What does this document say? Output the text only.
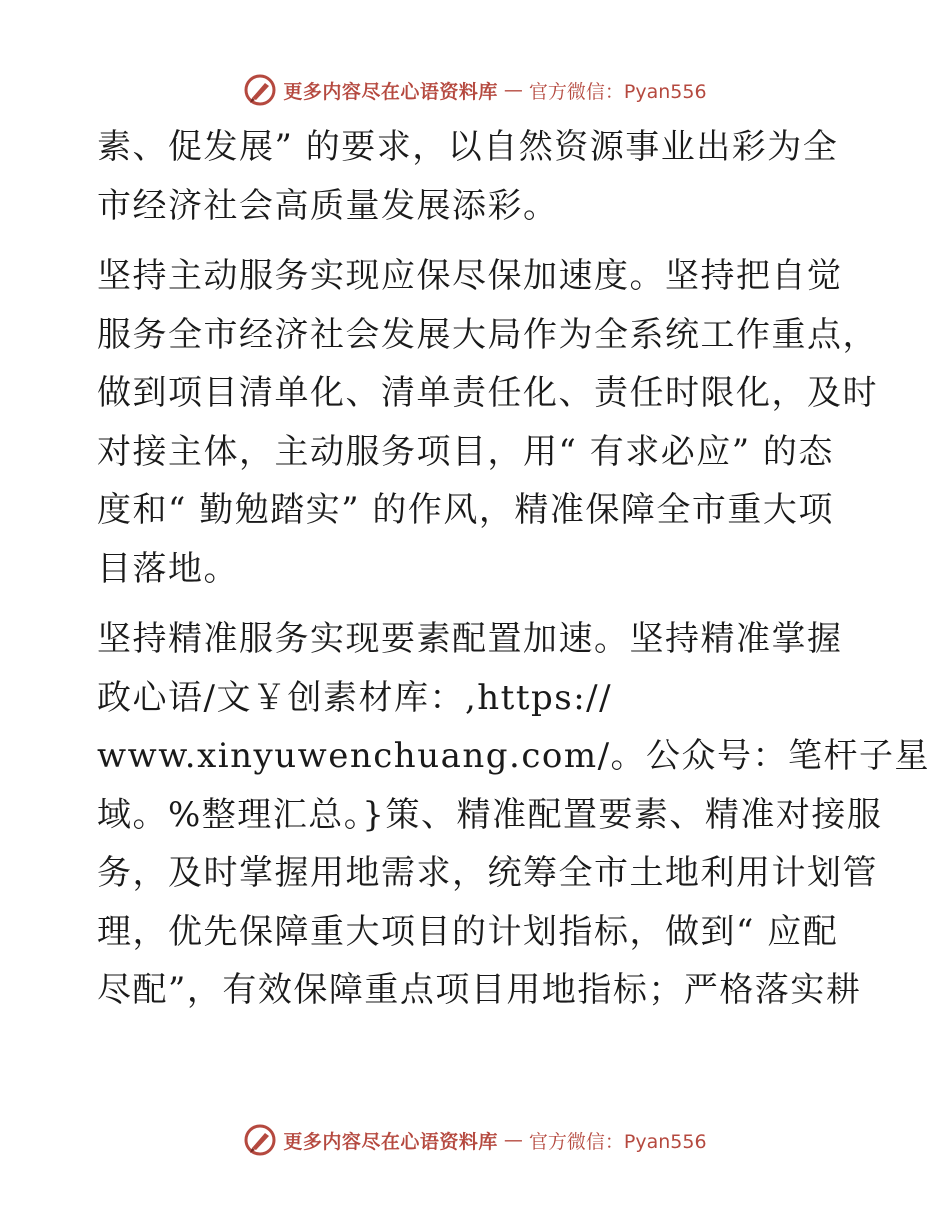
更多内容尽在心语资料库 — 官方微信：Pyan556
素、促发展” 的要求，以自然资源事业出彩为全
市经济社会高质量发展添彩。
坚持主动服务实现应保尽保加速度。坚持把自觉
服务全市经济社会发展大局作为全系统工作重点，
做到项目清单化、清单责任化、责任时限化，及时
对接主体，主动服务项目，用“ 有求必应” 的态
度和“ 勤勉踏实” 的作风，精准保障全市重大项
目落地。
坚持精准服务实现要素配置加速。坚持精准掌握
政心语/文￥创素材库：,https://
www.xinyuwenchuang.com/。公众号：笔杆子星
域。%整理汇总。}策、精准配置要素、精准对接服
务，及时掌握用地需求，统筹全市土地利用计划管
理，优先保障重大项目的计划指标，做到“ 应配
尽配”，有效保障重点项目用地指标；严格落实耕
更多内容尽在心语资料库 — 官方微信：Pyan556
